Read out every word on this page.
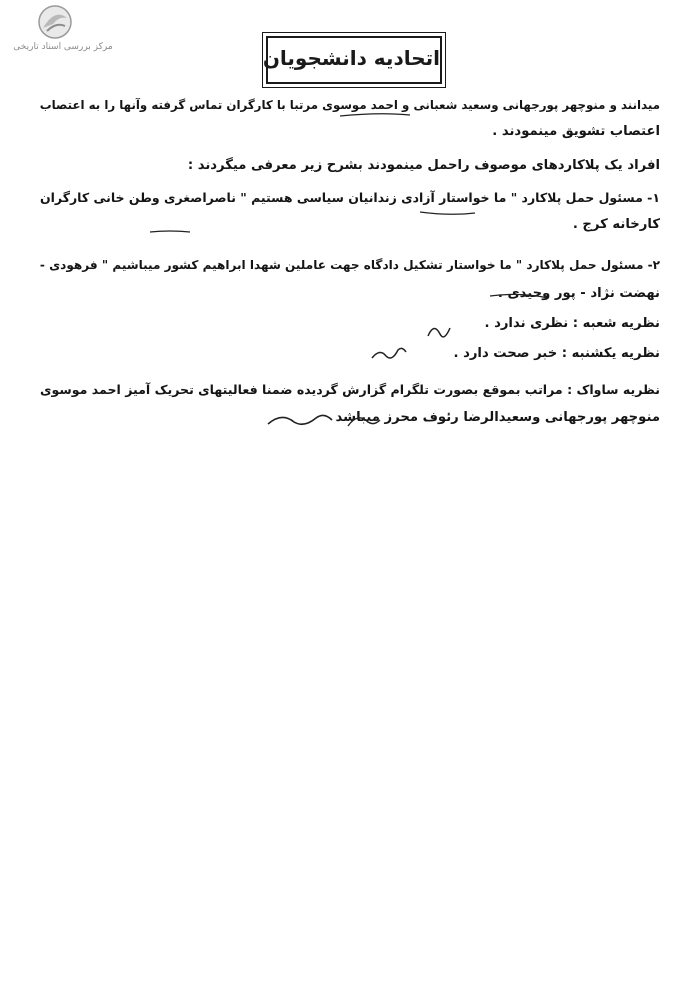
مرکز بررسی اسناد تاریخی	اتحادیه دانشجویان
میدانند و منوچهر پورجهانی وسعید شعبانی و احمد موسوی مرتبا با کارگران تماس گرفته وآنها را به اعتصاب
اعتصاب تشویق مینمودند .
افراد یک پلاکاردهای موصوف راحمل مینمودند بشرح زیر معرفی میگردند :
۱- مسئول حمل پلاکارد " ما خواستار آزادی زندانیان سیاسی هستیم " ناصراصغری وطن خانی کارگران
کارخانه کرج .
۲- مسئول حمل پلاکارد " ما خواستار تشکیل دادگاه جهت عاملین شهدا ابراهیم کشور میباشیم " فرهودی -
نهضت نژاد - پور وحیدی .
نظریه شعبه : نظری ندارد .
نظریه یکشنبه : خبر صحت دارد .
نظریه ساواک : مراتب بموقع بصورت تلگرام گزارش گردیده ضمنا فعالیتهای تحریک آمیز احمد موسوی
منوچهر پورجهانی وسعیدالرضا رئوف محرز میباشد
